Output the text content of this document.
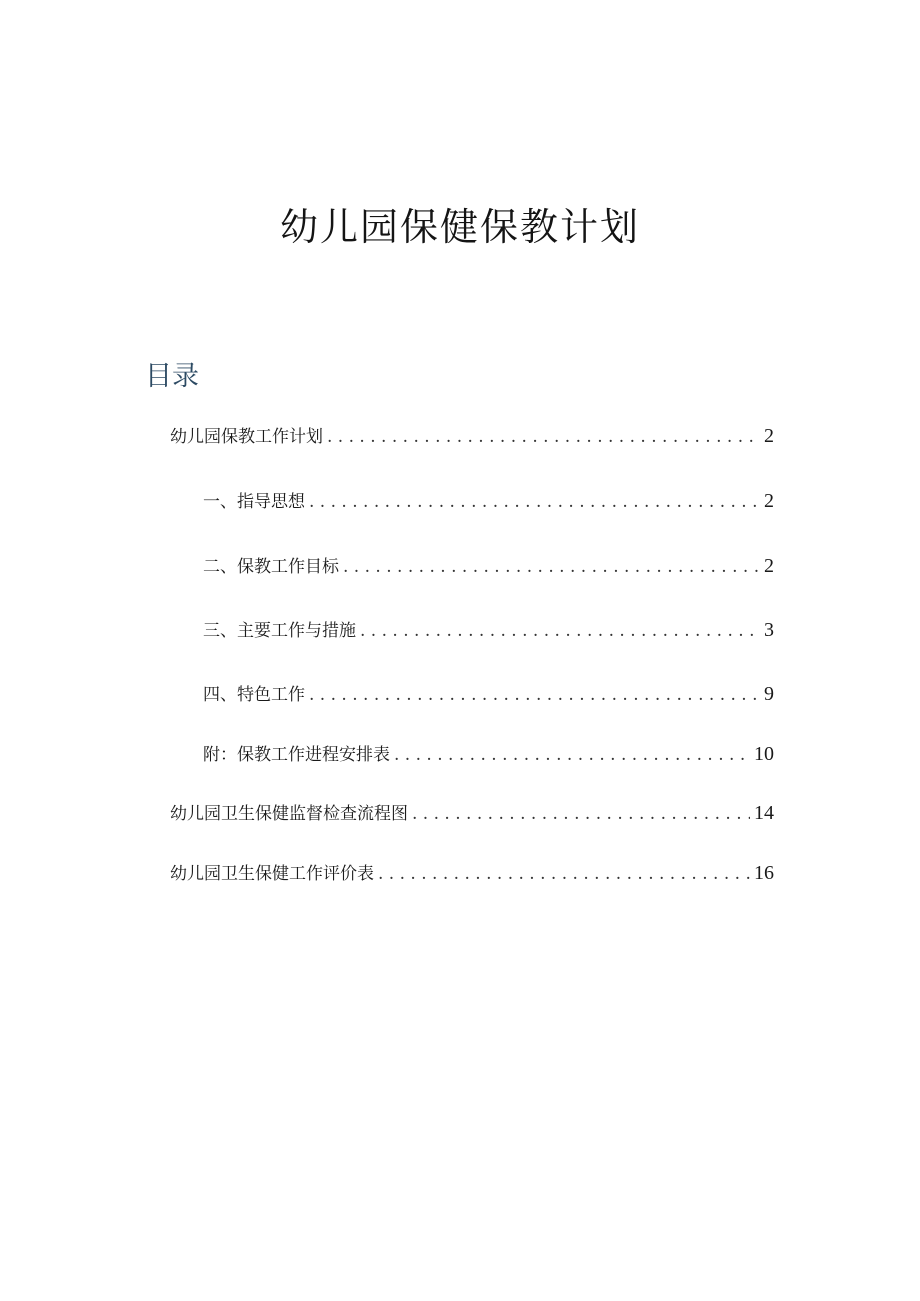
幼儿园保健保教计划
目录
幼儿园保教工作计划 . . .	2
一、指导思想 . . .	2
二、保教工作目标 . . .	2
三、主要工作与措施 . . .	3
四、特色工作 . . .	9
附：保教工作进程安排表 . . .	10
幼儿园卫生保健监督检查流程图 . . .	14
幼儿园卫生保健工作评价表 . . .	16
